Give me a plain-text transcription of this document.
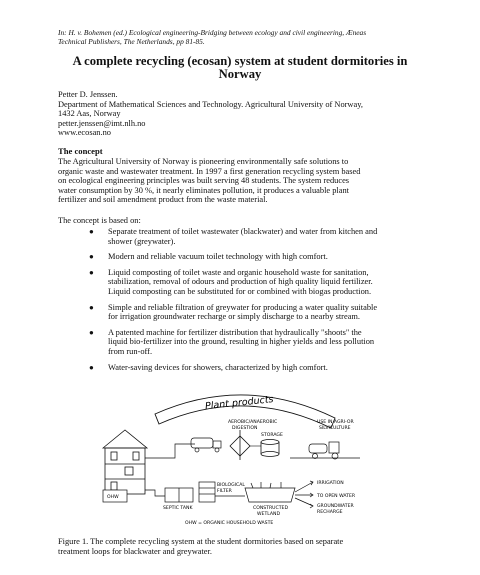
In: H. v. Bohemen (ed.) Ecological engineering-Bridging between ecology and civil engineering, Æneas
Technical Publishers, The Netherlands, pp 81-85.
A complete recycling (ecosan) system at student dormitories in
Norway
Petter D. Jenssen.
Department of Mathematical Sciences and Technology. Agricultural University of Norway,
1432 Aas, Norway
petter.jenssen@imt.nlh.no
www.ecosan.no
The concept
The Agricultural University of Norway is pioneering environmentally safe solutions to
organic waste and wastewater treatment. In 1997 a first generation recycling system based
on ecological engineering principles was built serving 48 students. The system reduces
water consumption by 30 %, it nearly eliminates pollution, it produces a valuable plant
fertilizer and soil amendment product from the waste material.
The concept is based on:
● Separate treatment of toilet wastewater (blackwater) and water from kitchen and
shower (greywater).
● Modern and reliable vacuum toilet technology with high comfort.
● Liquid composting of toilet waste and organic household waste for sanitation,
stabilization, removal of odours and production of high quality liquid fertilizer.
Liquid composting can be substituted for or combined with biogas production.
● Simple and reliable filtration of greywater for producing a water quality suitable
for irrigation groundwater recharge or simply discharge to a nearby stream.
● A patented machine for fertilizer distribution that hydraulically "shoots" the
liquid bio-fertilizer into the ground, resulting in higher yields and less pollution
from run-off.
● Water-saving devices for showers, characterized by high comfort.
Plant products
OHW
AEROBIC/ANAEROBIC
DIGESTION
STORAGE
USE IN AGRI-OR
SILVICULTURE
SEPTIC TANK
BIOLOGICAL
FILTER
CONSTRUCTED
WETLAND
IRRIGATION
TO OPEN WATER
GROUNDWATER
RECHARGE
OHW = ORGANIC HOUSEHOLD WASTE
Figure 1. The complete recycling system at the student dormitories based on separate
treatment loops for blackwater and greywater.
